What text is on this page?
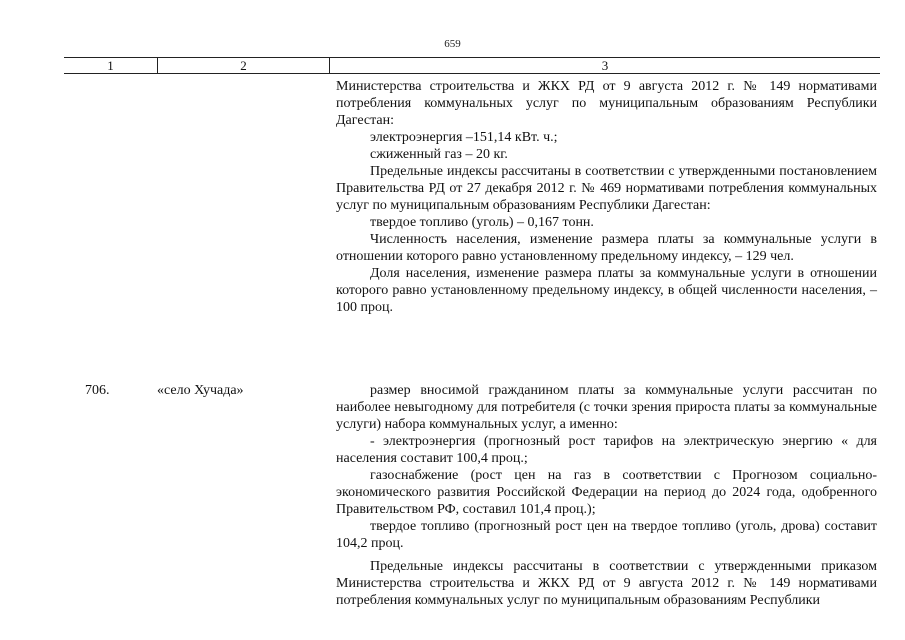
659
1	2	3

Министерства строительства и ЖКХ РД от 9 августа 2012 г. № 149 нормативами потребления коммунальных услуг по муниципальным образованиям Республики Дагестан:

электроэнергия –151,14 кВт. ч.;

сжиженный газ – 20 кг.

Предельные индексы рассчитаны в соответствии с утвержденными постановлением Правительства РД от 27 декабря 2012 г. № 469 нормативами потребления коммунальных услуг по муниципальным образованиям Республики Дагестан:

твердое топливо (уголь) – 0,167 тонн.

Численность населения, изменение размера платы за коммунальные услуги в отношении которого равно установленному предельному индексу, – 129 чел.

Доля населения, изменение размера платы за коммунальные услуги в отношении которого равно установленному предельному индексу, в общей численности населения, – 100 проц.

706.	«село Хучада»	размер вносимой гражданином платы за коммунальные услуги рассчитан по наиболее невыгодному для потребителя (с точки зрения прироста платы за коммунальные услуги) набора коммунальных услуг, а именно:

- электроэнергия (прогнозный рост тарифов на электрическую энергию « для населения составит 100,4 проц.;

газоснабжение (рост цен на газ в соответствии с Прогнозом социально-экономического развития Российской Федерации на период до 2024 года, одобренного Правительством РФ, составил 101,4 проц.);

твердое топливо (прогнозный рост цен на твердое топливо (уголь, дрова) составит 104,2 проц.

Предельные индексы рассчитаны в соответствии с утвержденными приказом Министерства строительства и ЖКХ РД от 9 августа 2012 г. № 149 нормативами потребления коммунальных услуг по муниципальным образованиям Республики
